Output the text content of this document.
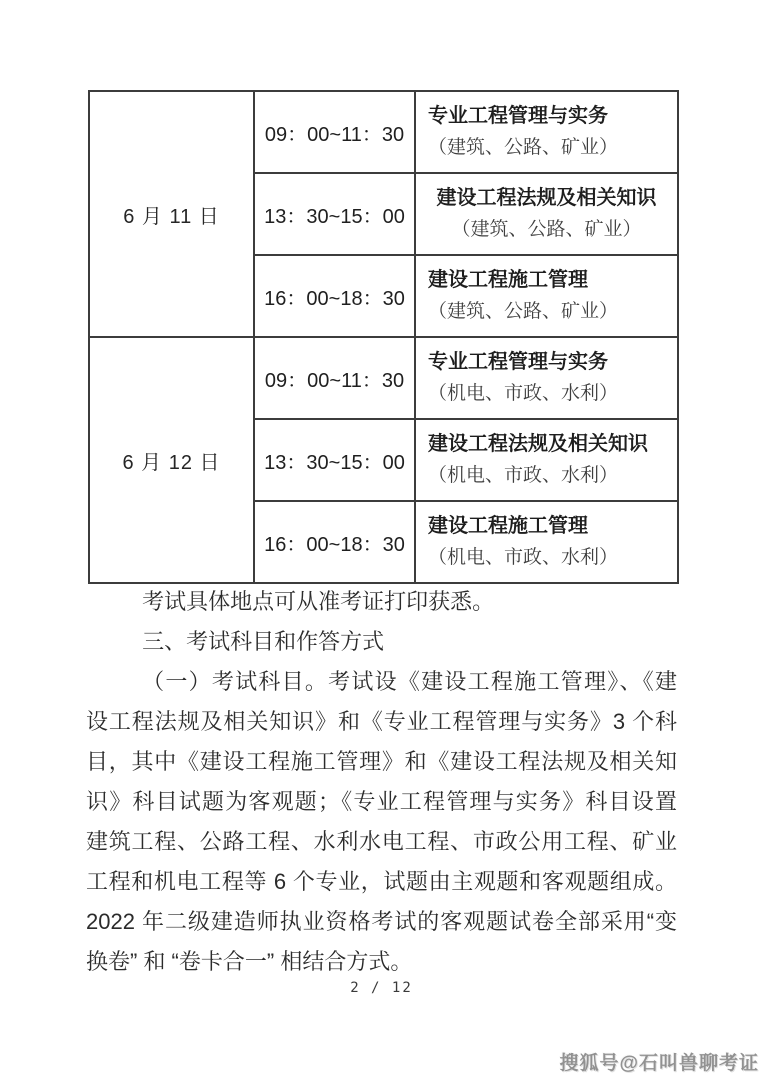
6 月 11 日	09：00~11：30	专业工程管理与实务
（建筑、公路、矿业）

	13：30~15：00	建设工程法规及相关知识
（建筑、公路、矿业）

	16：00~18：30	建设工程施工管理
（建筑、公路、矿业）

6 月 12 日	09：00~11：30	专业工程管理与实务
（机电、市政、水利）

	13：30~15：00	建设工程法规及相关知识
（机电、市政、水利）

	16：00~18：30	建设工程施工管理
（机电、市政、水利）
考试具体地点可从准考证打印获悉。
三、考试科目和作答方式
（一）考试科目。考试设《建设工程施工管理》、《建
设工程法规及相关知识》和《专业工程管理与实务》3 个科
目，其中《建设工程施工管理》和《建设工程法规及相关知
识》科目试题为客观题；《专业工程管理与实务》科目设置
建筑工程、公路工程、水利水电工程、市政公用工程、矿业
工程和机电工程等 6 个专业，试题由主观题和客观题组成。
2022 年二级建造师执业资格考试的客观题试卷全部采用“变
换卷” 和 “卷卡合一” 相结合方式。
2 / 12
搜狐号@石叫兽聊考证
